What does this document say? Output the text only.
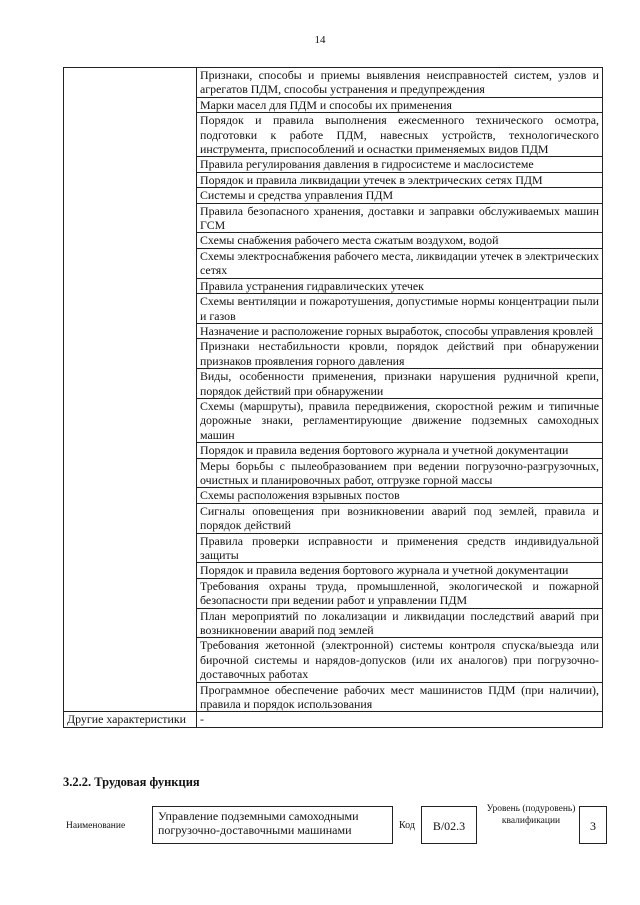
14
	Признаки, способы и приемы выявления неисправностей систем, узлов и агрегатов ПДМ, способы устранения и предупреждения
	Марки масел для ПДМ и способы их применения
	Порядок и правила выполнения ежесменного технического осмотра, подготовки к работе ПДМ, навесных устройств, технологического инструмента, приспособлений и оснастки применяемых видов ПДМ
	Правила регулирования давления в гидросистеме и маслосистеме
	Порядок и правила ликвидации утечек в электрических сетях ПДМ
	Системы и средства управления ПДМ
	Правила безопасного хранения, доставки и заправки обслуживаемых машин ГСМ
	Схемы снабжения рабочего места сжатым воздухом, водой
	Схемы электроснабжения рабочего места, ликвидации утечек в электрических сетях
	Правила устранения гидравлических утечек
	Схемы вентиляции и пожаротушения, допустимые нормы концентрации пыли и газов
	Назначение и расположение горных выработок, способы управления кровлей
	Признаки нестабильности кровли, порядок действий при обнаружении признаков проявления горного давления
	Виды, особенности применения, признаки нарушения рудничной крепи, порядок действий при обнаружении
	Схемы (маршруты), правила передвижения, скоростной режим и типичные дорожные знаки, регламентирующие движение подземных самоходных машин
	Порядок и правила ведения бортового журнала и учетной документации
	Меры борьбы с пылеобразованием при ведении погрузочно-разгрузочных, очистных и планировочных работ, отгрузке горной массы
	Схемы расположения взрывных постов
	Сигналы оповещения при возникновении аварий под землей, правила и порядок действий
	Правила проверки исправности и применения средств индивидуальной защиты
	Порядок и правила ведения бортового журнала и учетной документации
	Требования охраны труда, промышленной, экологической и пожарной безопасности при ведении работ и управлении ПДМ
	План мероприятий по локализации и ликвидации последствий аварий при возникновении аварий под землей
	Требования жетонной (электронной) системы контроля спуска/выезда или бирочной системы и нарядов-допусков (или их аналогов) при погрузочно-доставочных работах
	Программное обеспечение рабочих мест машинистов ПДМ (при наличии), правила и порядок использования
Другие характеристики	-
3.2.2. Трудовая функция
Наименование
Управление подземными самоходными погрузочно-доставочными машинами	Код	B/02.3
Уровень (подуровень) квалификации	3
